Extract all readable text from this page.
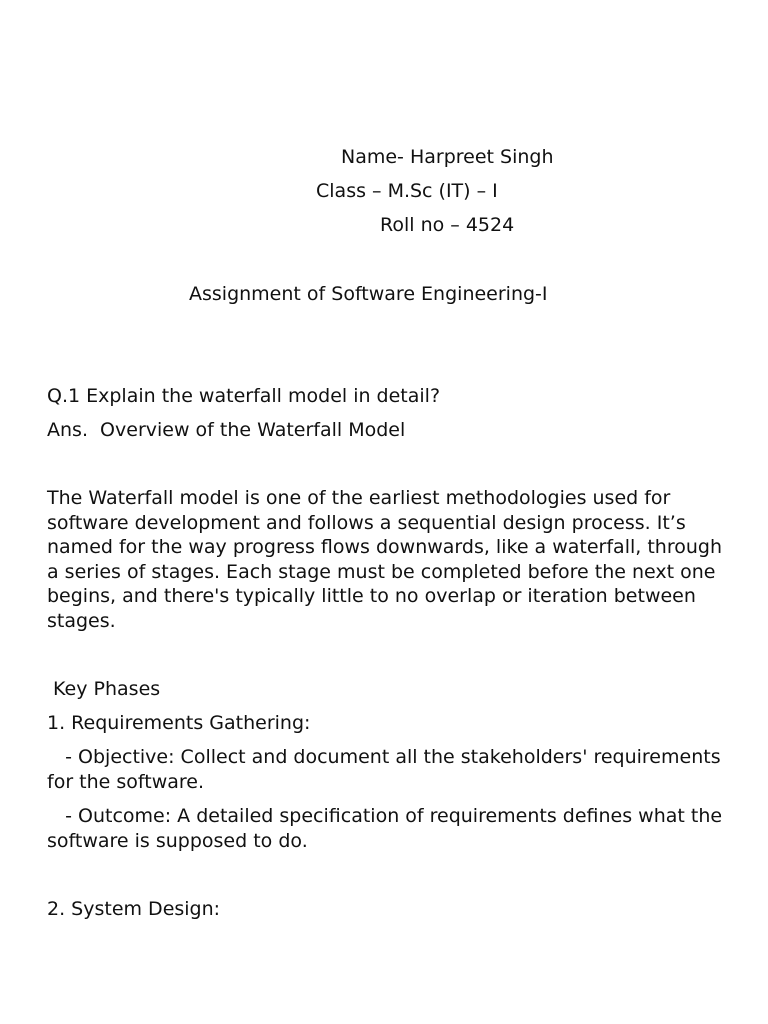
Name- Harpreet Singh
Class – M.Sc (IT) – I
Roll no – 4524
Assignment of Software Engineering-I
Q.1 Explain the waterfall model in detail?
Ans.  Overview of the Waterfall Model
The Waterfall model is one of the earliest methodologies used for software development and follows a sequential design process. It’s named for the way progress flows downwards, like a waterfall, through a series of stages. Each stage must be completed before the next one begins, and there's typically little to no overlap or iteration between stages.
Key Phases
1. Requirements Gathering:
- Objective: Collect and document all the stakeholders' requirements for the software.
- Outcome: A detailed specification of requirements defines what the software is supposed to do.
2. System Design:
